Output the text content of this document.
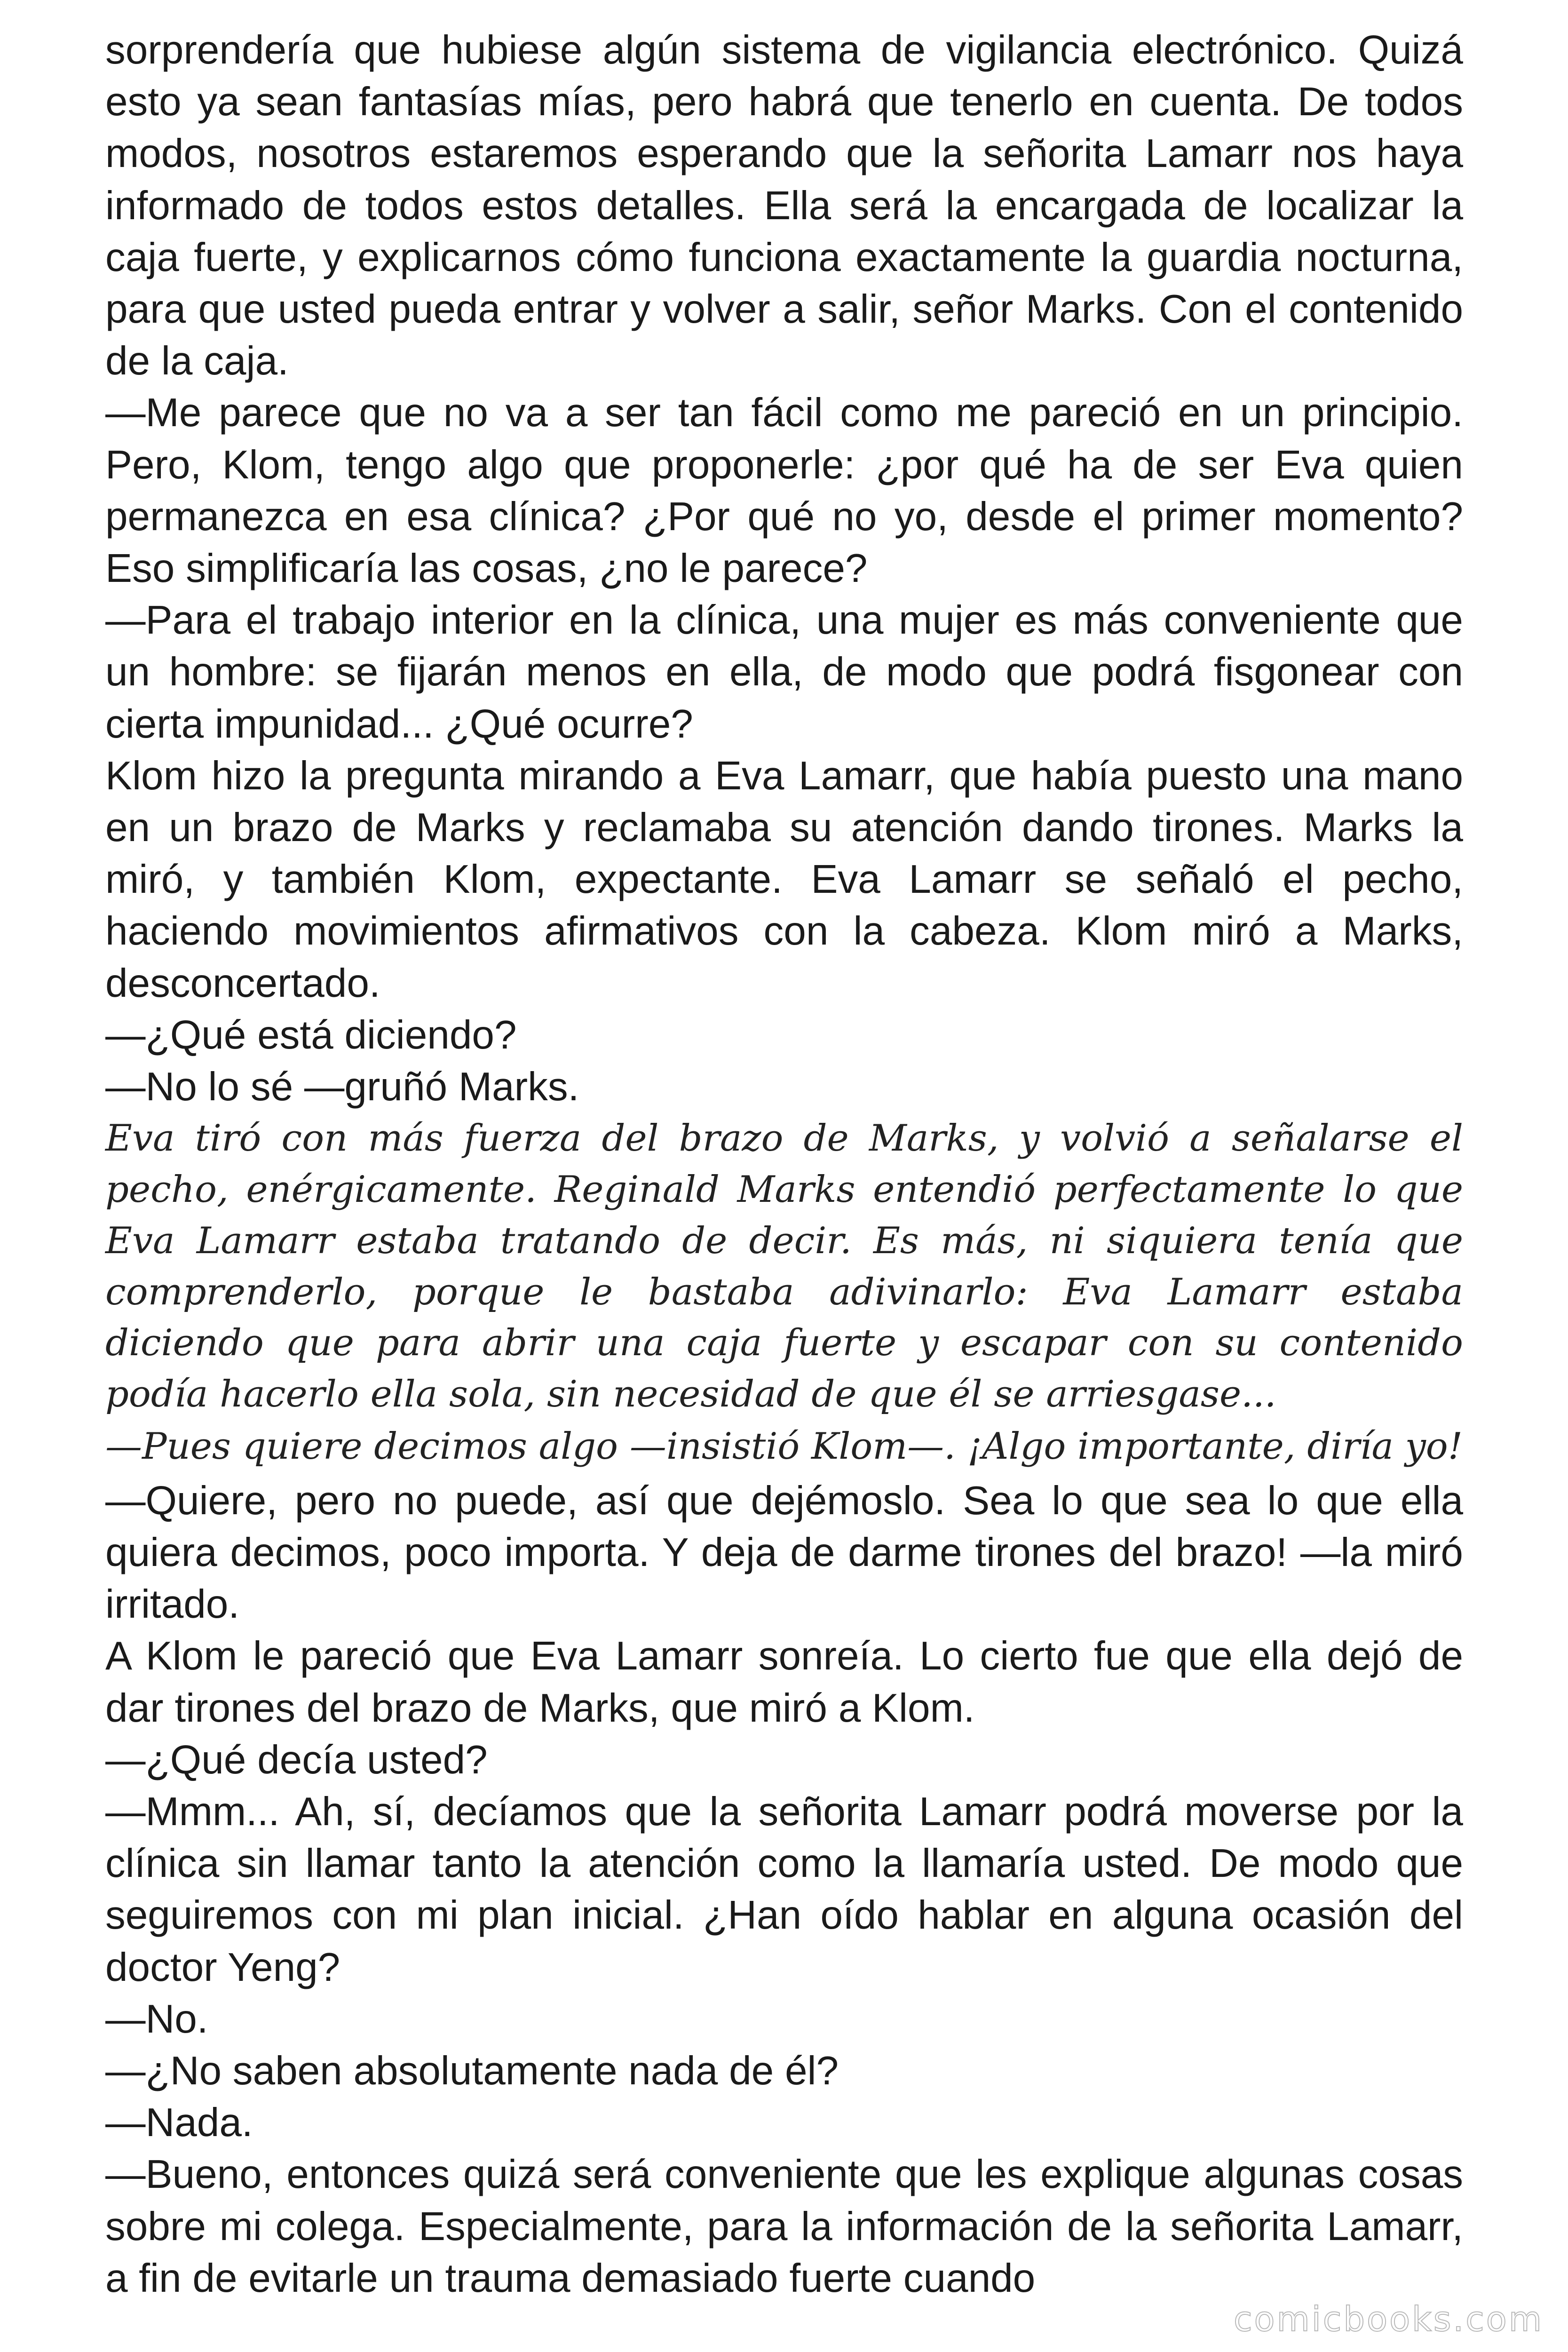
sorprendería que hubiese algún sistema de vigilancia electrónico. Quizá esto ya sean fantasías mías, pero habrá que tenerlo en cuenta. De todos modos, nosotros estaremos esperando que la señorita Lamarr nos haya informado de todos estos detalles. Ella será la encargada de localizar la caja fuerte, y explicarnos cómo funciona exactamente la guardia nocturna, para que usted pueda entrar y volver a salir, señor Marks. Con el contenido de la caja.

—Me parece que no va a ser tan fácil como me pareció en un principio. Pero, Klom, tengo algo que proponerle: ¿por qué ha de ser Eva quien permanezca en esa clínica? ¿Por qué no yo, desde el primer momento? Eso simplificaría las cosas, ¿no le parece?

—Para el trabajo interior en la clínica, una mujer es más conveniente que un hombre: se fijarán menos en ella, de modo que podrá fisgonear con cierta impunidad... ¿Qué ocurre?

Klom hizo la pregunta mirando a Eva Lamarr, que había puesto una mano en un brazo de Marks y reclamaba su atención dando tirones. Marks la miró, y también Klom, expectante. Eva Lamarr se señaló el pecho, haciendo movimientos afirmativos con la cabeza. Klom miró a Marks, desconcertado.

—¿Qué está diciendo?

—No lo sé —gruñó Marks.

Eva tiró con más fuerza del brazo de Marks, y volvió a señalarse el pecho, enérgicamente. Reginald Marks entendió perfectamente lo que Eva Lamarr estaba tratando de decir. Es más, ni siquiera tenía que comprenderlo, porque le bastaba adivinarlo: Eva Lamarr estaba diciendo que para abrir una caja fuerte y escapar con su contenido podía hacerlo ella sola, sin necesidad de que él se arriesgase...

—Pues quiere decimos algo —insistió Klom—. ¡Algo importante, diría yo!

—Quiere, pero no puede, así que dejémoslo. Sea lo que sea lo que ella quiera decimos, poco importa. Y deja de darme tirones del brazo! —la miró irritado.

A Klom le pareció que Eva Lamarr sonreía. Lo cierto fue que ella dejó de dar tirones del brazo de Marks, que miró a Klom.

—¿Qué decía usted?

—Mmm... Ah, sí, decíamos que la señorita Lamarr podrá moverse por la clínica sin llamar tanto la atención como la llamaría usted. De modo que seguiremos con mi plan inicial. ¿Han oído hablar en alguna ocasión del doctor Yeng?

—No.

—¿No saben absolutamente nada de él?

—Nada.

—Bueno, entonces quizá será conveniente que les explique algunas cosas sobre mi colega. Especialmente, para la información de la señorita Lamarr, a fin de evitarle un trauma demasiado fuerte cuando

comicbooks.com
